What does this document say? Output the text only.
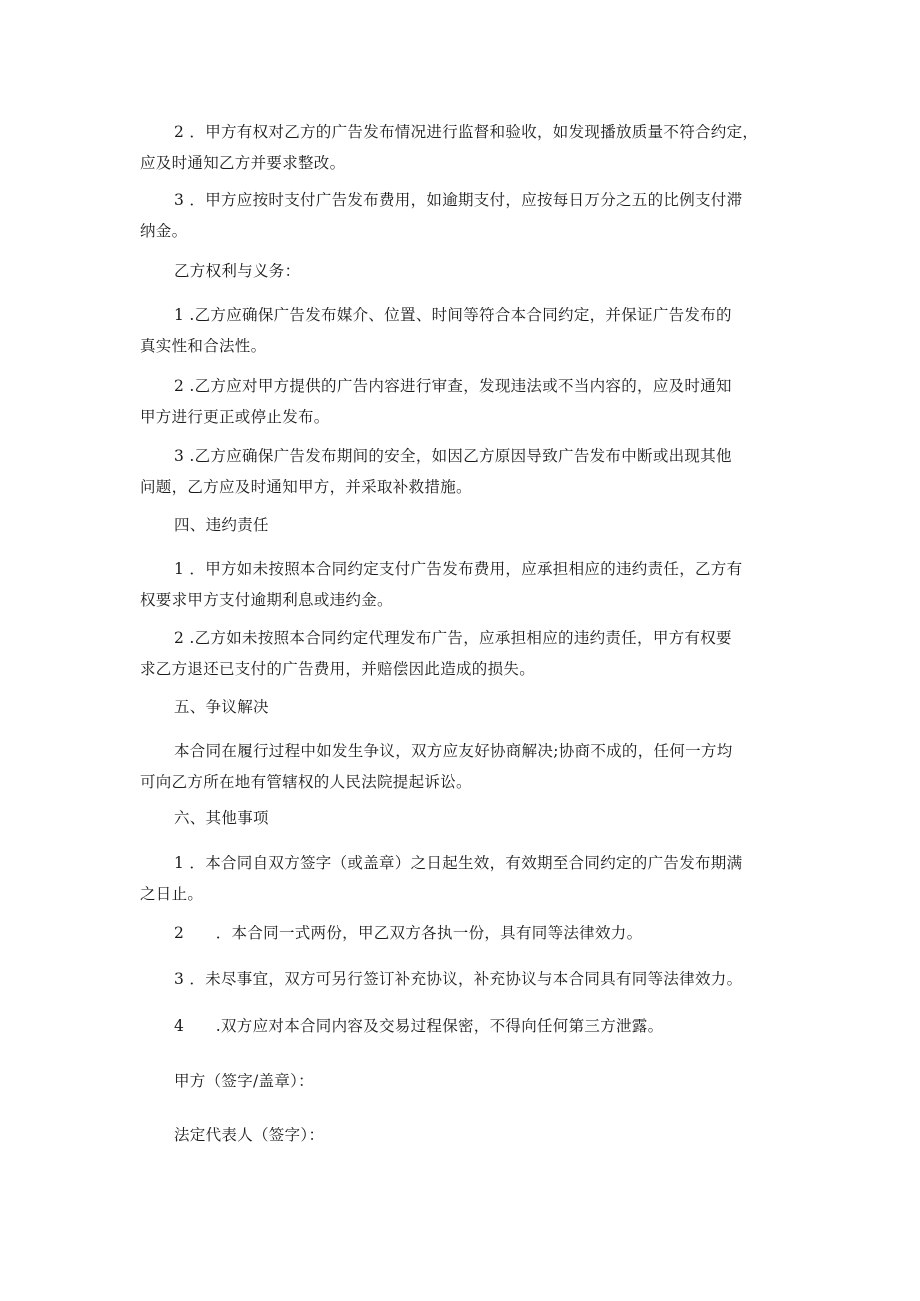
2 ．甲方有权对乙方的广告发布情况进行监督和验收，如发现播放质量不符合约定，
应及时通知乙方并要求整改。

3 ．甲方应按时支付广告发布费用，如逾期支付，应按每日万分之五的比例支付滞
纳金。

乙方权利与义务：

1 .乙方应确保广告发布媒介、位置、时间等符合本合同约定，并保证广告发布的
真实性和合法性。

2 .乙方应对甲方提供的广告内容进行审查，发现违法或不当内容的，应及时通知
甲方进行更正或停止发布。

3 .乙方应确保广告发布期间的安全，如因乙方原因导致广告发布中断或出现其他
问题，乙方应及时通知甲方，并采取补救措施。

四、违约责任

1 ．甲方如未按照本合同约定支付广告发布费用，应承担相应的违约责任，乙方有
权要求甲方支付逾期利息或违约金。

2 .乙方如未按照本合同约定代理发布广告，应承担相应的违约责任，甲方有权要
求乙方退还已支付的广告费用，并赔偿因此造成的损失。

五、争议解决

本合同在履行过程中如发生争议，双方应友好协商解决;协商不成的，任何一方均
可向乙方所在地有管辖权的人民法院提起诉讼。

六、其他事项

1 ．本合同自双方签字（或盖章）之日起生效，有效期至合同约定的广告发布期满
之日止。

2　　．本合同一式两份，甲乙双方各执一份，具有同等法律效力。

3 ．未尽事宜，双方可另行签订补充协议，补充协议与本合同具有同等法律效力。

4　　.双方应对本合同内容及交易过程保密，不得向任何第三方泄露。

甲方（签字/盖章）：

法定代表人（签字）：
